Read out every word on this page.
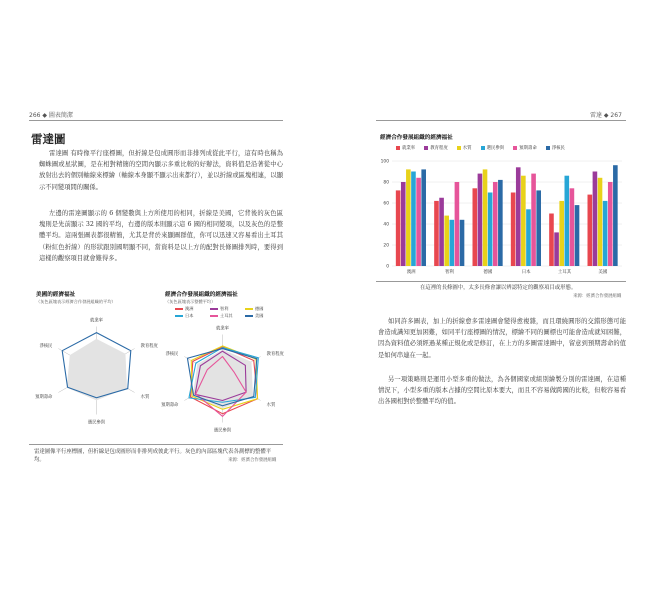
266 ◆ 圖表簡潔
雷達圖
雷達圖 有時像平行座標圖，但折線是包成圓形而非排列成從此平行，這有時也稱為蜘蛛圖或星狀圖，是在相對精簡的空間內顯示多重比較的好辦法，資料值是沿著從中心放射出去的個別軸線來標繪（軸線本身顯不顯示出來都行），並以折線或區塊相連，以顯示不同變項間的關係。
左邊的雷達圖顯示的 6 個變數與上方所使用的相同，折線是美國，它背後的灰色區塊則是先前顯示 32 國的平均，右邊的版本則顯示這 6 國的相同變項，以及灰色的是整體平均。這兩張圖表都很精簡，尤其是背於來顯圖群值，你可以迅速又容易看出土耳其（粉紅色折線）的形狀跟別國明顯不同，當資料是以上方的配對長條圖排列時，要得到這樣的觀察項目就會難得多。
美國的經濟福祉
（灰色區塊表示經濟合作發展組織的平均）
就業率
教育程度
水質
選民參與
預期壽命
淨核民
經濟合作發展組織的經濟福祉
（灰色區塊表示整體平均）
澳洲	智利	德國
日本	土耳其	美國
就業率
教育程度
水質
選民參與
預期壽命
淨核民
雷達圖像平行座標圖，但折線是包成圓形而非排列成彼此平行。灰色的內部區塊代表各測標的整體平均。	來源：經濟合作發展組織
雷達 ◆ 267
經濟合作發展組織的經濟福祉
就業率	教育程度	水質	選民參與	預期壽命	淨核民
0
20
40
60
80
100
澳洲	智利	德國	日本	土耳其	美國
在這裡的長條圖中，太多長條會讓以辨認特定的觀察項目或形態。
來源：經濟合作發展組織
如同許多圖表，加上的折線愈多雷達圖會變得愈複雜，而且環繞圓形的交錯形態可能會造成識知更加困難，如同平行座標圖的情況，標繪不同的圖標也可能會造成就知困難，因為資料值必須經過某種正規化或是修訂，在上方的多圖雷達圖中，留意到預期壽命的值是如何串連在一起。
另一項策略則是運用小型多重的做法，為各個國家或組別繪製分別的雷達圖，在這種情況下，小型多重的版本占據的空間比原本要大，而且不容易做跨國的比較，但較容易看出各國相對於整體平均的值。
